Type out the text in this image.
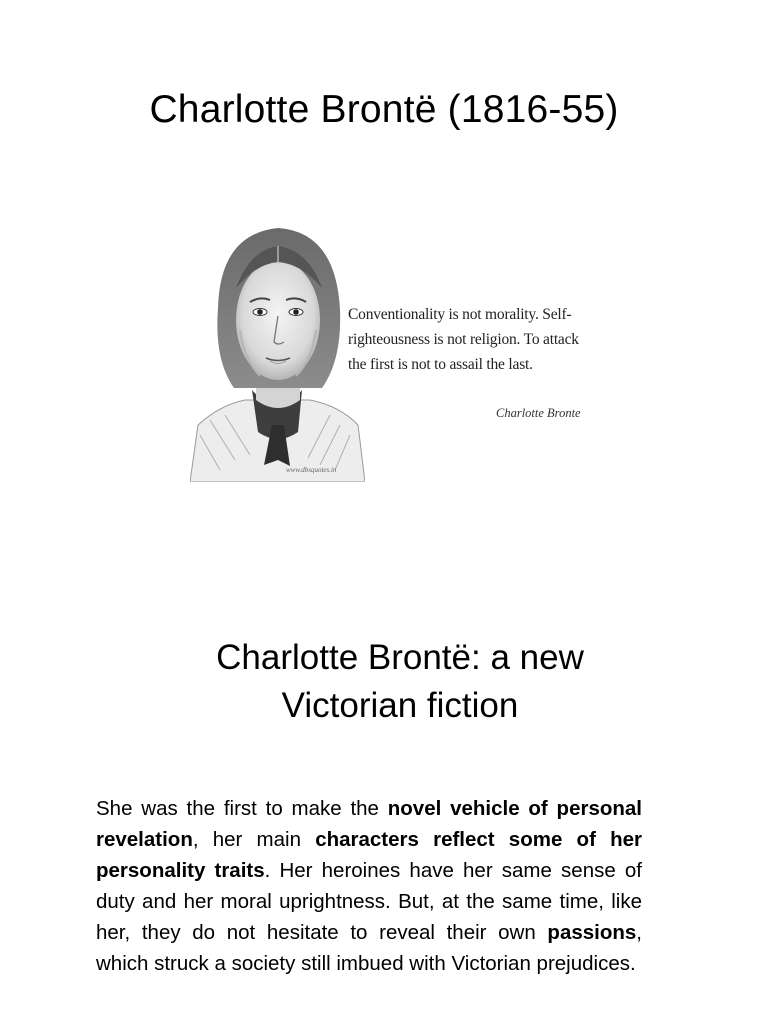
Charlotte Brontë (1816-55)

Conventionality is not morality. Self-righteousness is not religion. To attack the first is not to assail the last.

Charlotte Bronte
www.dbsquotes.in
Charlotte Brontë: a new
Victorian fiction

She was the first to make the novel vehicle of personal revelation, her main characters reflect some of her personality traits. Her heroines have her same sense of duty and her moral uprightness. But, at the same time, like her, they do not hesitate to reveal their own passions, which struck a society still imbued with Victorian prejudices.
